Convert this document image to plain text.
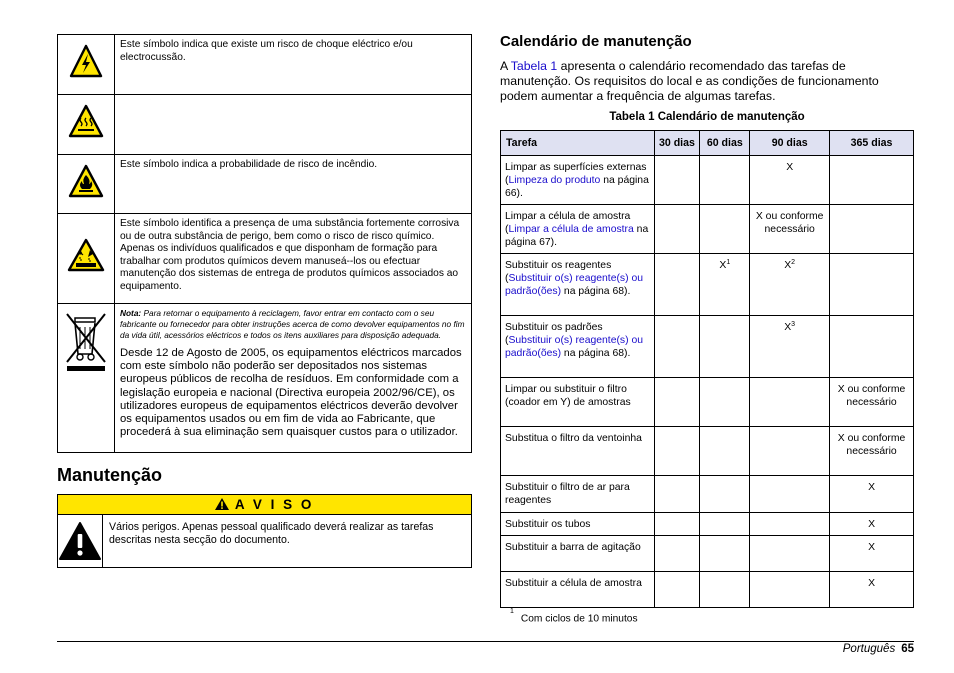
	Este símbolo indica que existe um risco de choque eléctrico e/ou electrocussão.

	Este símbolo indica a probabilidade de risco de incêndio.
	Este símbolo identifica a presença de uma substância fortemente corrosiva ou de outra substância de perigo, bem como o risco de risco químico. Apenas os indivíduos qualificados e que disponham de formação para trabalhar com produtos químicos devem manuseá--los ou efectuar manutenção dos sistemas de entrega de produtos químicos associados ao equipamento.

Nota: Para retornar o equipamento à reciclagem, favor entrar em contacto com o seu fabricante ou fornecedor para obter instruções acerca de como devolver equipamentos no fim da vida útil, acessórios eléctricos e todos os itens auxiliares para disposição adequada.
Desde 12 de Agosto de 2005, os equipamentos eléctricos marcados com este símbolo não poderão ser depositados nos sistemas europeus públicos de recolha de resíduos. Em conformidade com a legislação europeia e nacional (Directiva europeia 2002/96/CE), os utilizadores europeus de equipamentos eléctricos deverão devolver os equipamentos usados ou em fim de vida ao Fabricante, que procederá à sua eliminação sem quaisquer custos para o utilizador.
Manutenção
A V I S O
Vários perigos. Apenas pessoal qualificado deverá realizar as tarefas descritas nesta secção do documento.
Calendário de manutenção
A Tabela 1 apresenta o calendário recomendado das tarefas de manutenção. Os requisitos do local e as condições de funcionamento podem aumentar a frequência de algumas tarefas.
Tabela 1 Calendário de manutenção
Tarefa	30 dias	60 dias	90 dias	365 dias
Limpar as superfícies externas (Limpeza do produto na página 66).			X	
Limpar a célula de amostra (Limpar a célula de amostra na página 67).			X ou conforme necessário	
Substituir os reagentes (Substituir o(s) reagente(s) ou padrão(ões) na página 68).		$X^1$	$X^2$	
Substituir os padrões (Substituir o(s) reagente(s) ou padrão(ões) na página 68).			$X^3$	
Limpar ou substituir o filtro (coador em Y) de amostras				X ou conforme necessário
Substitua o filtro da ventoinha				X ou conforme necessário
Substituir o filtro de ar para reagentes				X
Substituir os tubos				X
Substituir a barra de agitação				X
Substituir a célula de amostra				X
$^1$Com ciclos de 10 minutos
Português 65
